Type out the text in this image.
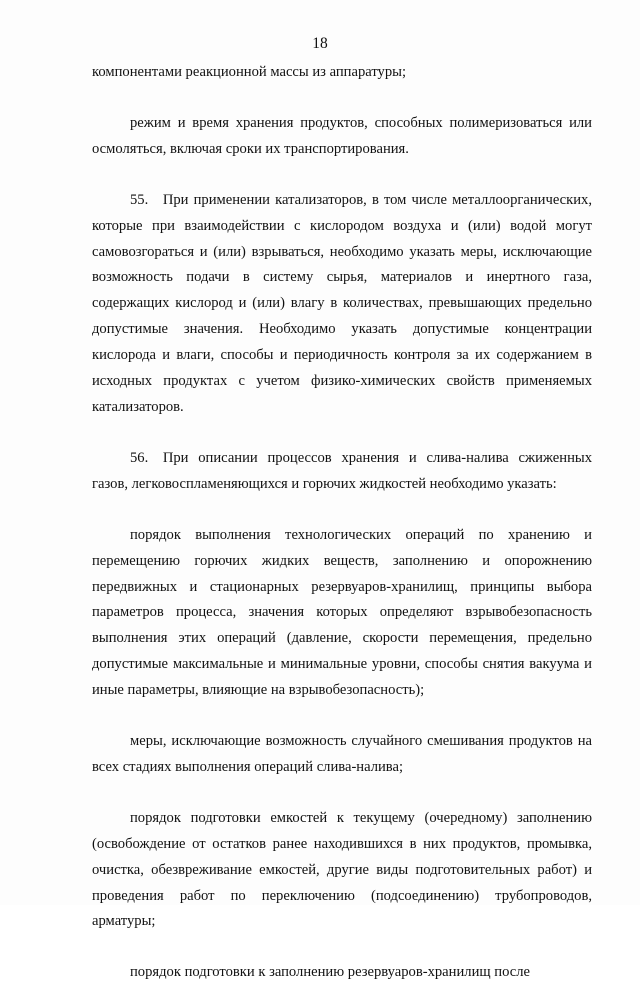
18

компонентами реакционной массы из аппаратуры;

режим и время хранения продуктов, способных полимеризоваться или осмоляться, включая сроки их транспортирования.

55. При применении катализаторов, в том числе металлоорганических, которые при взаимодействии с кислородом воздуха и (или) водой могут самовозгораться и (или) взрываться, необходимо указать меры, исключающие возможность подачи в систему сырья, материалов и инертного газа, содержащих кислород и (или) влагу в количествах, превышающих предельно допустимые значения. Необходимо указать допустимые концентрации кислорода и влаги, способы и периодичность контроля за их содержанием в исходных продуктах с учетом физико-химических свойств применяемых катализаторов.

56. При описании процессов хранения и слива-налива сжиженных газов, легковоспламеняющихся и горючих жидкостей необходимо указать:

порядок выполнения технологических операций по хранению и перемещению горючих жидких веществ, заполнению и опорожнению передвижных и стационарных резервуаров-хранилищ, принципы выбора параметров процесса, значения которых определяют взрывобезопасность выполнения этих операций (давление, скорости перемещения, предельно допустимые максимальные и минимальные уровни, способы снятия вакуума и иные параметры, влияющие на взрывобезопасность);

меры, исключающие возможность случайного смешивания продуктов на всех стадиях выполнения операций слива-налива;

порядок подготовки емкостей к текущему (очередному) заполнению (освобождение от остатков ранее находившихся в них продуктов, промывка, очистка, обезвреживание емкостей, другие виды подготовительных работ) и проведения работ по переключению (подсоединению) трубопроводов, арматуры;

порядок подготовки к заполнению резервуаров-хранилищ после
